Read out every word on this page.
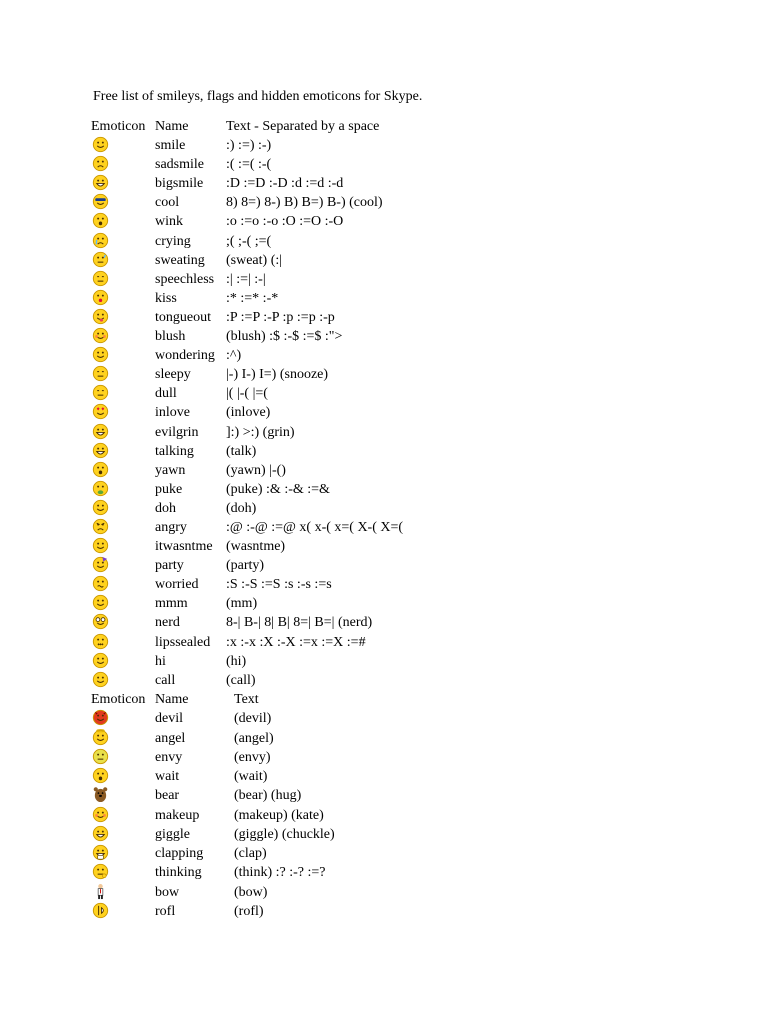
Free list of smileys, flags and hidden emoticons for Skype.
Emoticon Name	Text - Separated by a space
smile	:) :=) :-)
sadsmile :( :=( :-(
bigsmile :D :=D :-D :d :=d :-d
cool	8) 8=) 8-) B) B=) B-) (cool)
wink	:o :=o :-o :O :=O :-O
crying	;( ;-( ;=(
sweating (sweat) (:|
speechless :| :=| :-|
kiss	:* :=* :-*
tongueout :P :=P :-P :p :=p :-p
blush	(blush) :$ :-$ :=$ :">
wondering :^)
sleepy	|-) I-) I=) (snooze)
dull	|( |-( |=(
inlove	(inlove)
evilgrin ]:) >:) (grin)
talking (talk)
yawn	(yawn) |-()
puke	(puke) :& :-& :=&
doh	(doh)
angry	:@ :-@ :=@ x( x-( x=( X-( X=(
itwasntme (wasntme)
party	(party)
worried :S :-S :=S :s :-s :=s
mmm	(mm)
nerd	8-| B-| 8| B| 8=| B=| (nerd)
lipssealed :x :-x :X :-X :=x :=X :=#
hi	(hi)
call	(call)
Emoticon Name	Text
devil	(devil)
angel	(angel)
envy	(envy)
wait	(wait)
bear	(bear) (hug)
makeup (makeup) (kate)
giggle	(giggle) (chuckle)
clapping (clap)
thinking (think) :? :-? :=?
bow	(bow)
rofl	(rofl)
